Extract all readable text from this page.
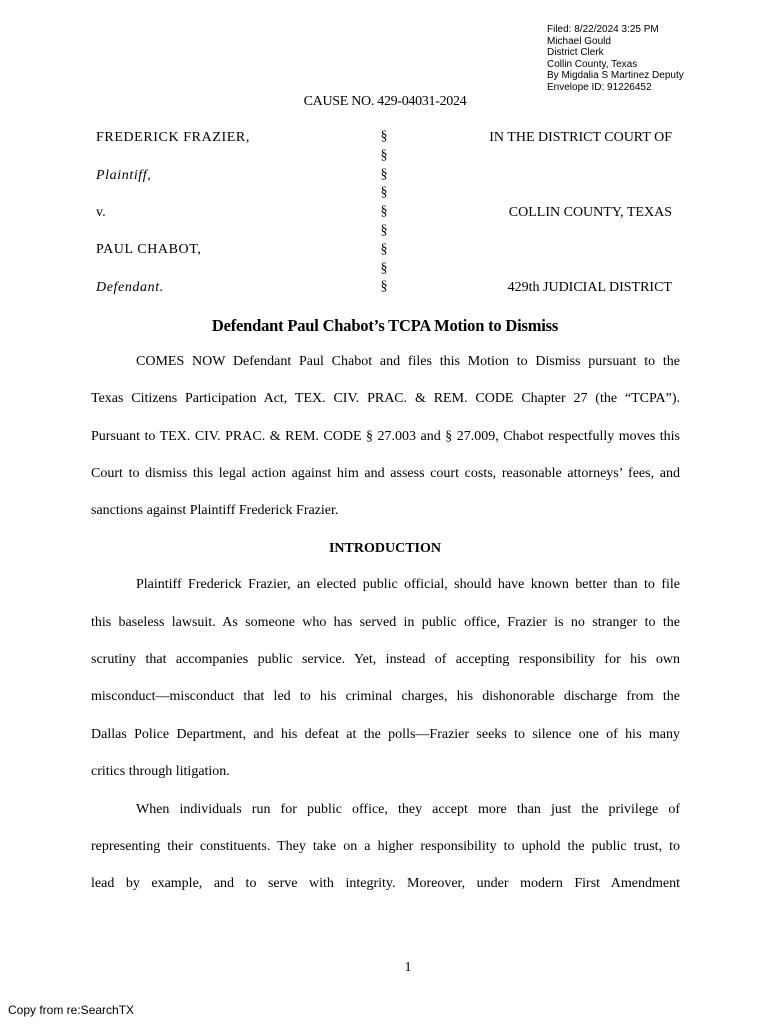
Filed: 8/22/2024 3:25 PM
Michael Gould
District Clerk
Collin County, Texas
By Migdalia S Martinez Deputy
Envelope ID: 91226452
CAUSE NO. 429-04031-2024
FREDERICK FRAZIER,
Plaintiff,
v.
PAUL CHABOT,
Defendant.
§
§
§
§
§
§
§
§
§
IN THE DISTRICT COURT OF
COLLIN COUNTY, TEXAS
429th JUDICIAL DISTRICT
Defendant Paul Chabot’s TCPA Motion to Dismiss
COMES NOW Defendant Paul Chabot and files this Motion to Dismiss pursuant to the
Texas Citizens Participation Act, TEX. CIV. PRAC. & REM. CODE Chapter 27 (the “TCPA”).
Pursuant to TEX. CIV. PRAC. & REM. CODE § 27.003 and § 27.009, Chabot respectfully moves this
Court to dismiss this legal action against him and assess court costs, reasonable attorneys’ fees, and
sanctions against Plaintiff Frederick Frazier.
INTRODUCTION
Plaintiff Frederick Frazier, an elected public official, should have known better than to file
this baseless lawsuit. As someone who has served in public office, Frazier is no stranger to the
scrutiny that accompanies public service. Yet, instead of accepting responsibility for his own
misconduct—misconduct that led to his criminal charges, his dishonorable discharge from the
Dallas Police Department, and his defeat at the polls—Frazier seeks to silence one of his many
critics through litigation.
When individuals run for public office, they accept more than just the privilege of
representing their constituents. They take on a higher responsibility to uphold the public trust, to
lead by example, and to serve with integrity. Moreover, under modern First Amendment
1
Copy from re:SearchTX
